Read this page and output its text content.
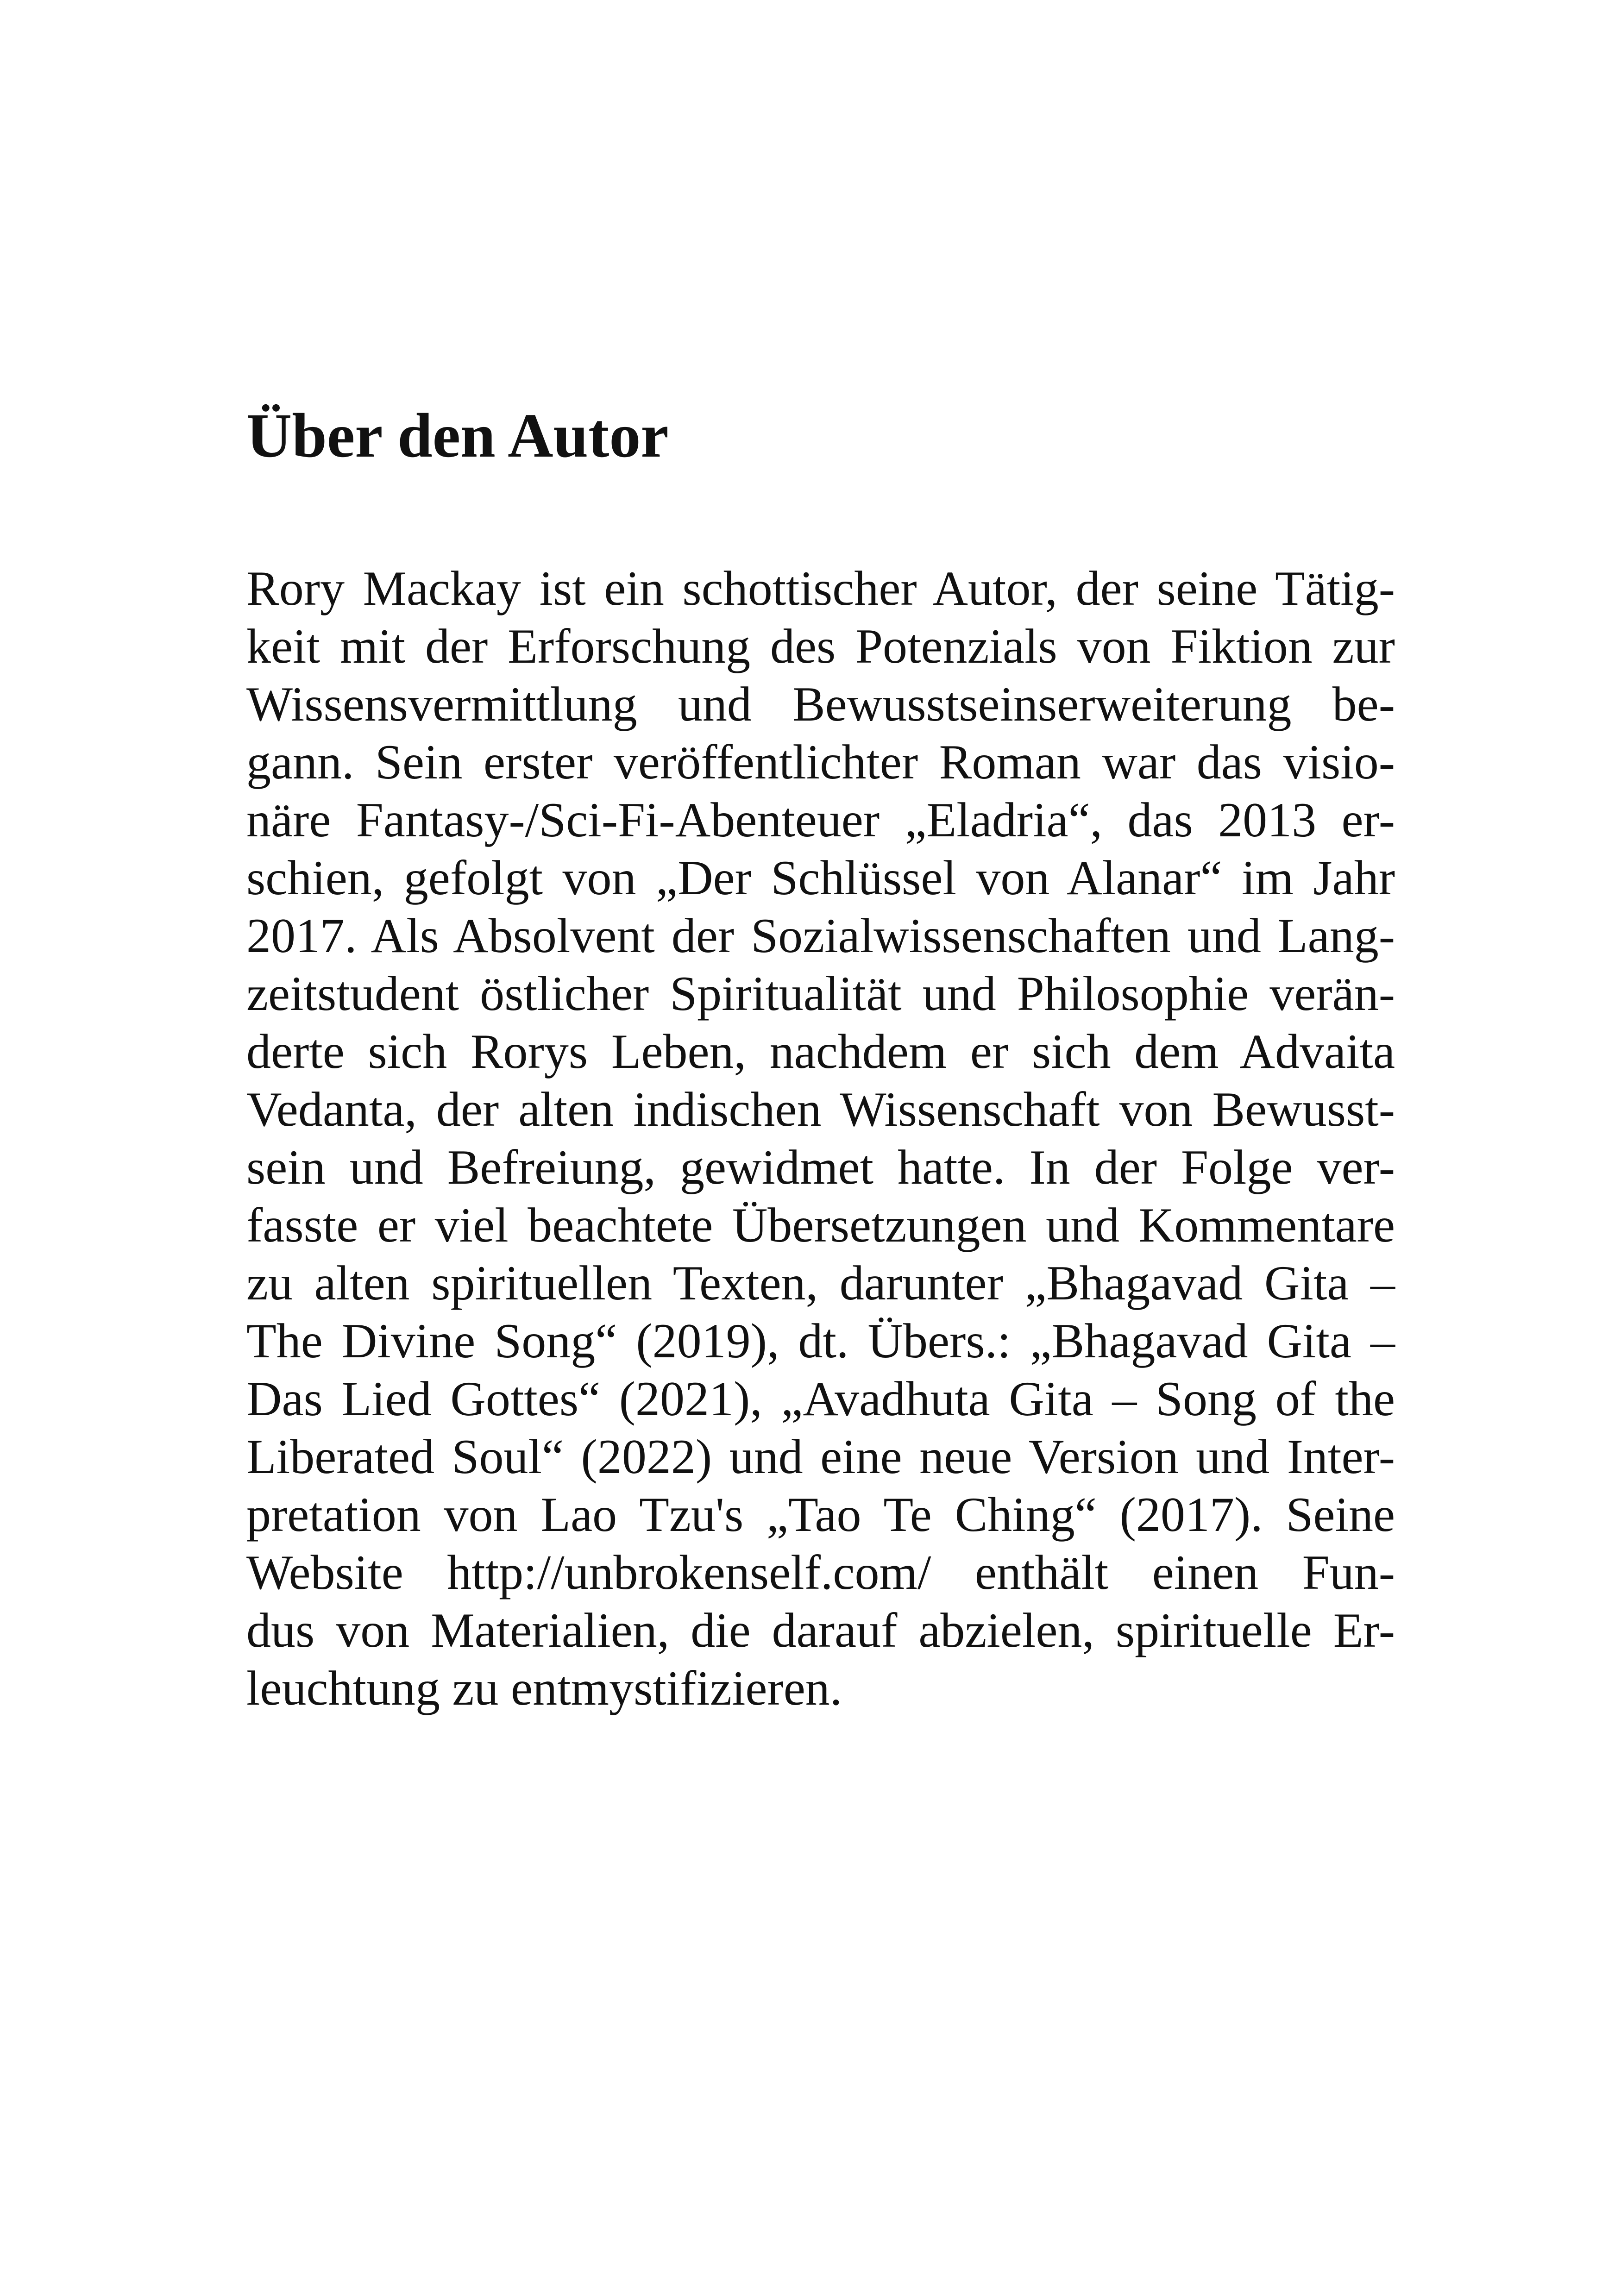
Über den Autor
Rory Mackay ist ein schottischer Autor, der seine Tätig-
keit mit der Erforschung des Potenzials von Fiktion zur
Wissensvermittlung und Bewusstseinserweiterung be-
gann. Sein erster veröffentlichter Roman war das visio-
näre Fantasy-/Sci-Fi-Abenteuer „Eladria“, das 2013 er-
schien, gefolgt von „Der Schlüssel von Alanar“ im Jahr
2017. Als Absolvent der Sozialwissenschaften und Lang-
zeitstudent östlicher Spiritualität und Philosophie verän-
derte sich Rorys Leben, nachdem er sich dem Advaita
Vedanta, der alten indischen Wissenschaft von Bewusst-
sein und Befreiung, gewidmet hatte. In der Folge ver-
fasste er viel beachtete Übersetzungen und Kommentare
zu alten spirituellen Texten, darunter „Bhagavad Gita –
The Divine Song“ (2019), dt. Übers.: „Bhagavad Gita –
Das Lied Gottes“ (2021), „Avadhuta Gita – Song of the
Liberated Soul“ (2022) und eine neue Version und Inter-
pretation von Lao Tzu's „Tao Te Ching“ (2017). Seine
Website http://unbrokenself.com/ enthält einen Fun-
dus von Materialien, die darauf abzielen, spirituelle Er-
leuchtung zu entmystifizieren.
